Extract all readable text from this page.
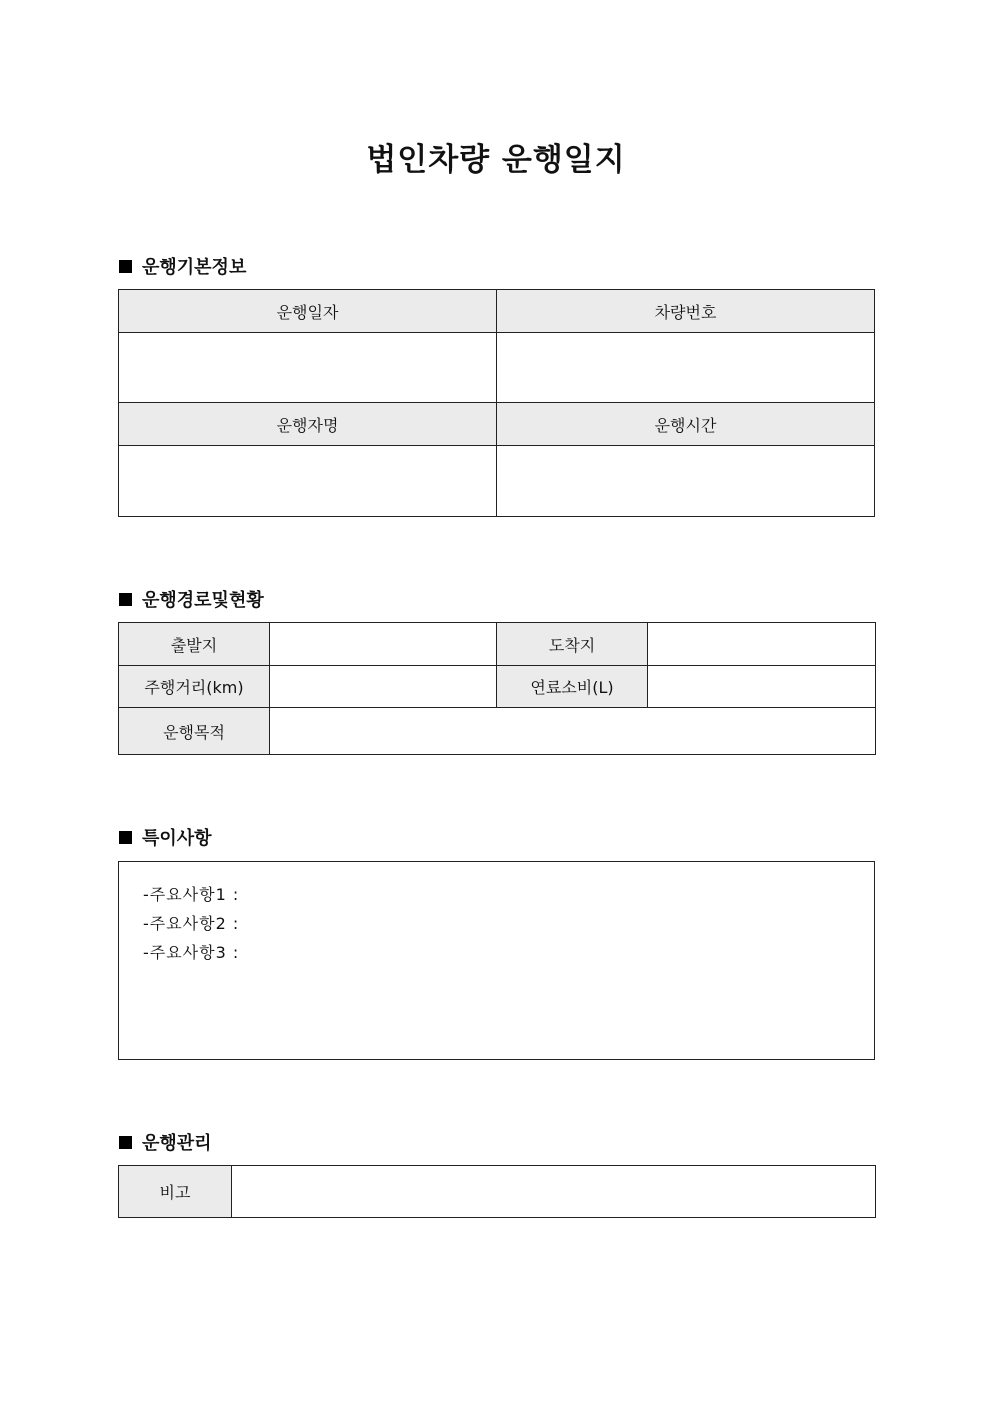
법인차량 운행일지
운행기본정보
운행일자	차량번호

운행자명	운행시간

운행경로및현황
출발지		도착지	
주행거리(km)		연료소비(L)	
운행목적			
특이사항
-주요사항1 :
-주요사항2 :
-주요사항3 :
운행관리
비고	
